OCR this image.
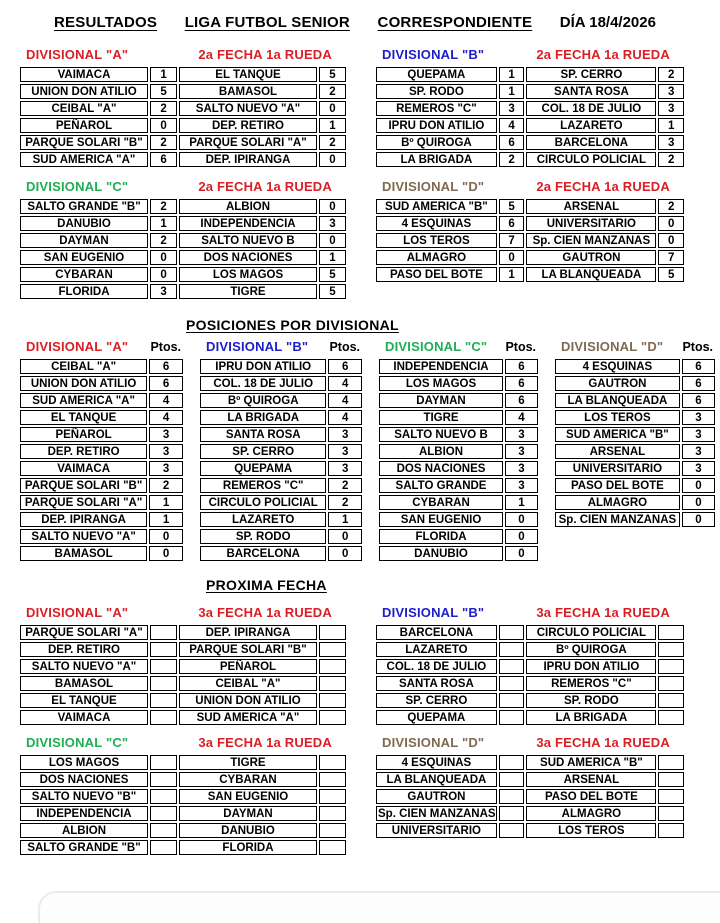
RESULTADOS LIGA FUTBOL SENIOR CORRESPONDIENTE DÍA 18/4/2026
DIVISIONAL "A"	2a FECHA 1a RUEDA
VAIMACA	1	EL TANQUE	5
UNION DON ATILIO	5	BAMASOL	2
CEIBAL "A"	2	SALTO NUEVO "A"	0
PEÑAROL	0	DEP. RETIRO	1
PARQUE SOLARI "B"	2	PARQUE SOLARI "A"	2
SUD AMERICA "A"	6	DEP. IPIRANGA	0
DIVISIONAL "B"	2a FECHA 1a RUEDA
QUEPAMA	1	SP. CERRO	2
SP. RODO	1	SANTA ROSA	3
REMEROS "C"	3	COL. 18 DE JULIO	3
IPRU DON ATILIO	4	LAZARETO	1
Bº QUIROGA	6	BARCELONA	3
LA BRIGADA	2	CIRCULO POLICIAL	2
DIVISIONAL "C"	2a FECHA 1a RUEDA
SALTO GRANDE "B"	2	ALBION	0
DANUBIO	1	INDEPENDENCIA	3
DAYMAN	2	SALTO NUEVO B	0
SAN EUGENIO	0	DOS NACIONES	1
CYBARAN	0	LOS MAGOS	5
FLORIDA	3	TIGRE	5
DIVISIONAL "D"	2a FECHA 1a RUEDA
SUD AMERICA "B"	5	ARSENAL	2
4 ESQUINAS	6	UNIVERSITARIO	0
LOS TEROS	7	Sp. CIEN MANZANAS	0
ALMAGRO	0	GAUTRON	7
PASO DEL BOTE	1	LA BLANQUEADA	5
POSICIONES POR DIVISIONAL
DIVISIONAL "A" Ptos.
CEIBAL "A"	6
UNION DON ATILIO	6
SUD AMERICA "A"	4
EL TANQUE	4
PEÑAROL	3
DEP. RETIRO	3
VAIMACA	3
PARQUE SOLARI "B"	2
PARQUE SOLARI "A"	1
DEP. IPIRANGA	1
SALTO NUEVO "A"	0
BAMASOL	0
DIVISIONAL "B" Ptos.
IPRU DON ATILIO	6
COL. 18 DE JULIO	4
Bº QUIROGA	4
LA BRIGADA	4
SANTA ROSA	3
SP. CERRO	3
QUEPAMA	3
REMEROS "C"	2
CIRCULO POLICIAL	2
LAZARETO	1
SP. RODO	0
BARCELONA	0
DIVISIONAL "C" Ptos.
INDEPENDENCIA	6
LOS MAGOS	6
DAYMAN	6
TIGRE	4
SALTO NUEVO B	3
ALBION	3
DOS NACIONES	3
SALTO GRANDE	3
CYBARAN	1
SAN EUGENIO	0
FLORIDA	0
DANUBIO	0
DIVISIONAL "D" Ptos.
4 ESQUINAS	6
GAUTRON	6
LA BLANQUEADA	6
LOS TEROS	3
SUD AMERICA "B"	3
ARSENAL	3
UNIVERSITARIO	3
PASO DEL BOTE	0
ALMAGRO	0
Sp. CIEN MANZANAS	0
PROXIMA FECHA
DIVISIONAL "A"	3a FECHA 1a RUEDA
PARQUE SOLARI "A"		DEP. IPIRANGA	
DEP. RETIRO		PARQUE SOLARI "B"	
SALTO NUEVO "A"		PEÑAROL	
BAMASOL		CEIBAL "A"	
EL TANQUE		UNION DON ATILIO	
VAIMACA		SUD AMERICA "A"	
DIVISIONAL "B"	3a FECHA 1a RUEDA
BARCELONA		CIRCULO POLICIAL	
LAZARETO		Bº QUIROGA	
COL. 18 DE JULIO		IPRU DON ATILIO	
SANTA ROSA		REMEROS "C"	
SP. CERRO		SP. RODO	
QUEPAMA		LA BRIGADA	
DIVISIONAL "C"	3a FECHA 1a RUEDA
LOS MAGOS		TIGRE	
DOS NACIONES		CYBARAN	
SALTO NUEVO "B"		SAN EUGENIO	
INDEPENDENCIA		DAYMAN	
ALBION		DANUBIO	
SALTO GRANDE "B"		FLORIDA	
DIVISIONAL "D"	3a FECHA 1a RUEDA
4 ESQUINAS		SUD AMERICA "B"	
LA BLANQUEADA		ARSENAL	
GAUTRON		PASO DEL BOTE	
Sp. CIEN MANZANAS		ALMAGRO	
UNIVERSITARIO		LOS TEROS	
